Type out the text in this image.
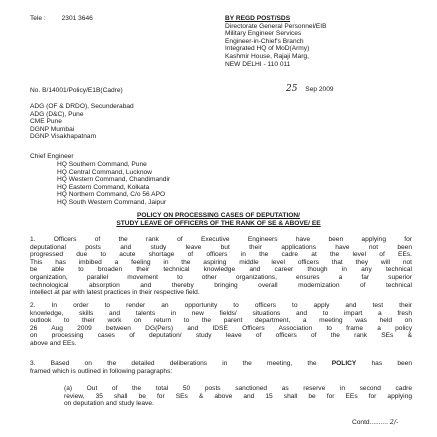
Tele : 2301 3646	BY REGD POST/SDS
Directorate General Personnel/EIB
Military Engineer Services
Engineer-in-Chief's Branch
Integrated HQ of MoD(Army)
Kashmir House, Rajaji Marg,
NEW DELHI - 110 011
No. B/14001/Policy/E1B(Cadre)	25 Sep 2009
ADG (OF & DRDO), Secunderabad
ADG (D&C), Pune
CME Pune
DGNP Mumbai
DGNP Visakhapatnam
Chief Engineer
HQ Southern Command, Pune
HQ Central Command, Lucknow
HQ Western Command, Chandimandir
HQ Eastern Command, Kolkata
HQ Northern Command, C/o 56 APO
HQ South Western Command, Jaipur
POLICY ON PROCESSING CASES OF DEPUTATION/
STUDY LEAVE OF OFFICERS OF THE RANK OF SE & ABOVE/ EE
1. Officers of the rank of Executive Engineers have been applying for
deputational posts and study leave but their applications have not been
progressed due to acute shortage of officers in the cadre at the level of EEs.
This has imbibed a feeling in the aspiring middle level officers that they will not
be able to broaden their technical knowledge and career though in any technical
organization, parallel movement to other organizations, ensures a far superior
technological absorption and thereby bringing overall modernization of technical
intellect at par with latest practices in their respective field.
2. In order to render an opportunity to officers to apply and test their
knowledge, skills and talents in new fields/ situations and to impart a fresh
outlook to their work on return to the parent department, a meeting was held on
26 Aug 2009 between DG(Pers) and IDSE Officers Association to frame a policy
on processing cases of deputation/ study leave of officers of the rank SEs &
above and EEs.
3. Based on the detailed deliberations in the meeting, the POLICY has been
framed which is outlined in following paragraphs:
(a) Out of the total 50 posts sanctioned as reserve in second cadre
review, 35 shall be for SEs & above and 15 shall be for EEs for applying
on deputation and study leave.
Contd.......... 2/-
